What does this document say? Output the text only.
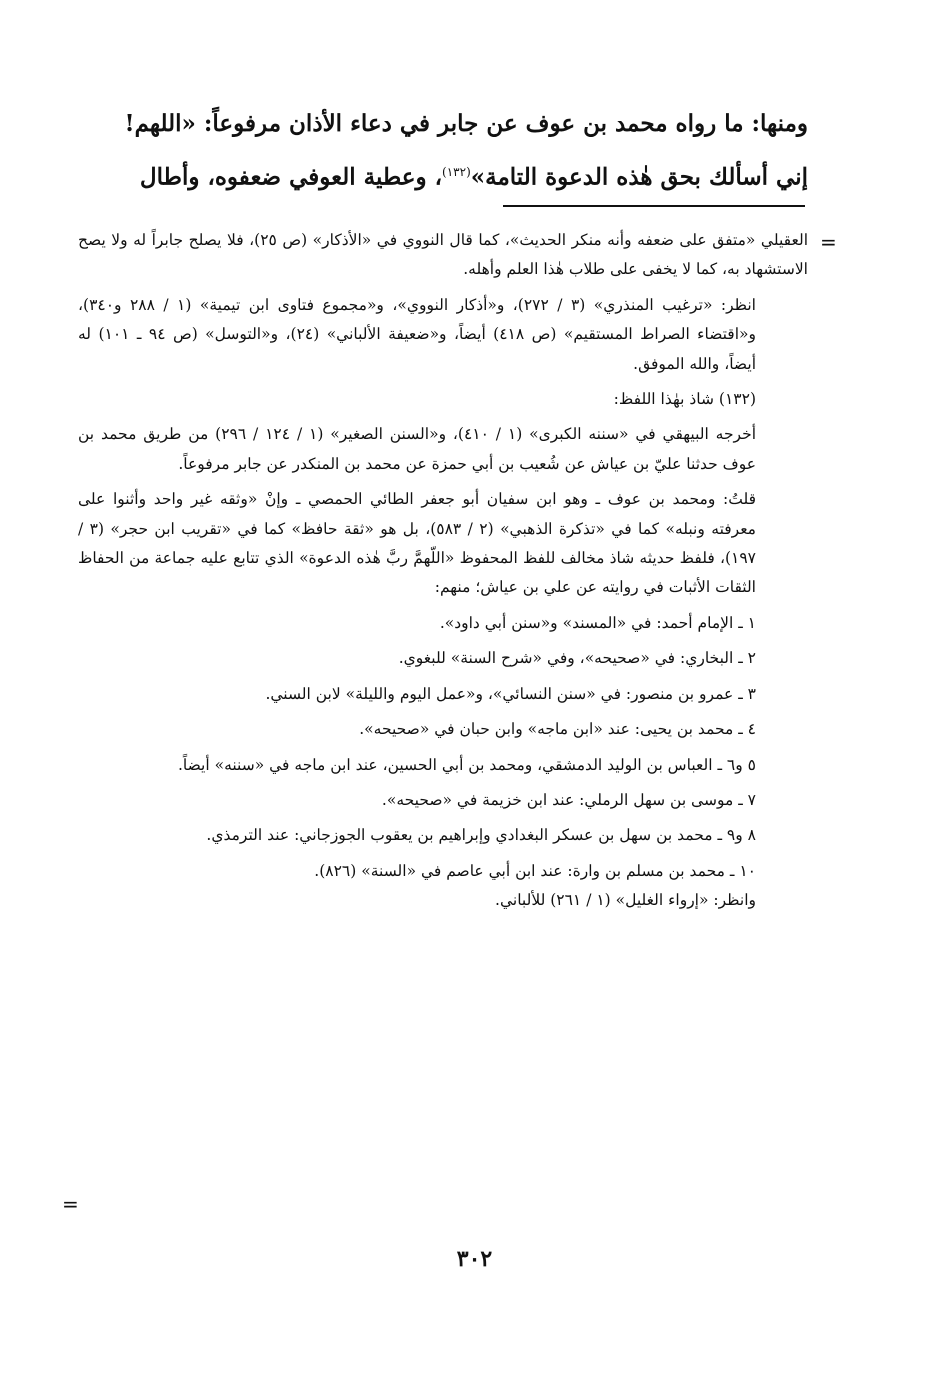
ومنها: ما رواه محمد بن عوف عن جابر في دعاء الأذان مرفوعاً: «اللهم!

إني أسألك بحق هٰذه الدعوة التامة»$^{(١٣٢)}$، وعطية العوفي ضعفوه، وأطال

=

العقيلي «متفق على ضعفه وأنه منكر الحديث»، كما قال النووي في «الأذكار» (ص ٢٥)، فلا يصلح جابراً له ولا يصح الاستشهاد به، كما لا يخفى على طلاب هٰذا العلم وأهله.

انظر: «ترغيب المنذري» (٣ / ٢٧٢)، و«أذكار النووي»، و«مجموع فتاوى ابن تيمية» (١ / ٢٨٨ و٣٤٠)، و«اقتضاء الصراط المستقيم» (ص ٤١٨) أيضاً، و«ضعيفة الألباني» (٢٤)، و«التوسل» (ص ٩٤ ـ ١٠١) له أيضاً، والله الموفق.

(١٣٢) شاذ بهٰذا اللفظ:

أخرجه البيهقي في «سننه الكبرى» (١ / ٤١٠)، و«السنن الصغير» (١ / ١٢٤ / ٢٩٦) من طريق محمد بن عوف حدثنا عليّ بن عياش عن شُعيب بن أبي حمزة عن محمد بن المنكدر عن جابر مرفوعاً.

قلتُ: ومحمد بن عوف ـ وهو ابن سفيان أبو جعفر الطائي الحمصي ـ وإنْ «وثقه غير واحد وأثنوا على معرفته ونبله» كما في «تذكرة الذهبي» (٢ / ٥٨٣)، بل هو «ثقة حافظ» كما في «تقريب ابن حجر» (٣ / ١٩٧)، فلفظ حديثه شاذ مخالف للفظ المحفوظ «اللّهمَّ ربَّ هٰذه الدعوة» الذي تتابع عليه جماعة من الحفاظ الثقات الأثبات في روايته عن علي بن عياش؛ منهم:

١ ـ الإمام أحمد: في «المسند» و«سنن أبي داود».

٢ ـ البخاري: في «صحيحه»، وفي «شرح السنة» للبغوي.

٣ ـ عمرو بن منصور: في «سنن النسائي»، و«عمل اليوم والليلة» لابن السني.

٤ ـ محمد بن يحيى: عند «ابن ماجه» وابن حبان في «صحيحه».

٥ و٦ ـ العباس بن الوليد الدمشقي، ومحمد بن أبي الحسين، عند ابن ماجه في «سننه» أيضاً.

٧ ـ موسى بن سهل الرملي: عند ابن خزيمة في «صحيحه».

٨ و٩ ـ محمد بن سهل بن عسكر البغدادي وإبراهيم بن يعقوب الجوزجاني: عند الترمذي.

١٠ ـ محمد بن مسلم بن وارة: عند ابن أبي عاصم في «السنة» (٨٢٦).

وانظر: «إرواء الغليل» (١ / ٢٦١) للألباني.

=
٣٠٢
